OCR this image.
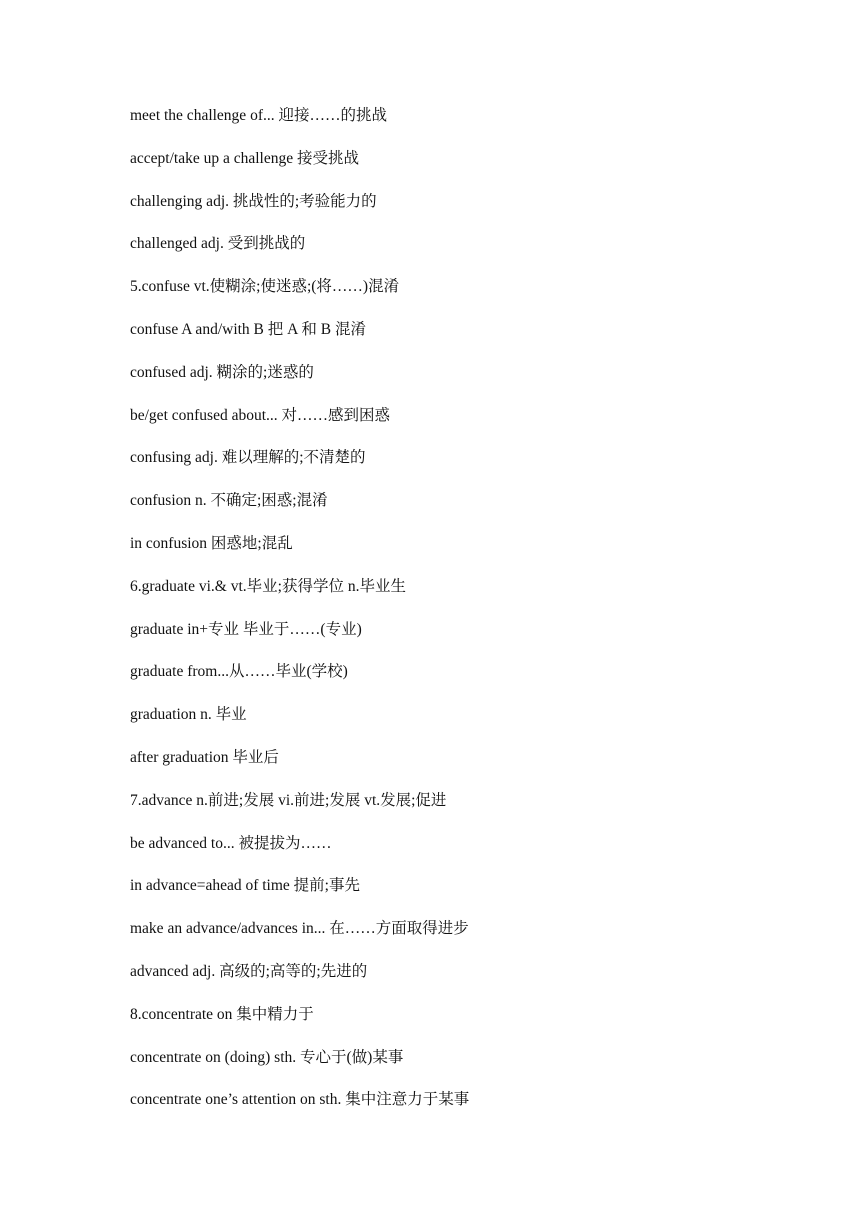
meet the challenge of... 迎接……的挑战
accept/take up a challenge 接受挑战
challenging adj. 挑战性的;考验能力的
challenged adj. 受到挑战的
5.confuse vt.使糊涂;使迷惑;(将……)混淆
confuse A and/with B 把 A 和 B 混淆
confused adj. 糊涂的;迷惑的
be/get confused about... 对……感到困惑
confusing adj. 难以理解的;不清楚的
confusion n. 不确定;困惑;混淆
in confusion 困惑地;混乱
6.graduate vi.& vt.毕业;获得学位 n.毕业生
graduate in+专业 毕业于……(专业)
graduate from...从……毕业(学校)
graduation n. 毕业
after graduation 毕业后
7.advance n.前进;发展 vi.前进;发展 vt.发展;促进
be advanced to... 被提拔为……
in advance=ahead of time 提前;事先
make an advance/advances in... 在……方面取得进步
advanced adj. 高级的;高等的;先进的
8.concentrate on 集中精力于
concentrate on (doing) sth. 专心于(做)某事
concentrate one’s attention on sth. 集中注意力于某事
